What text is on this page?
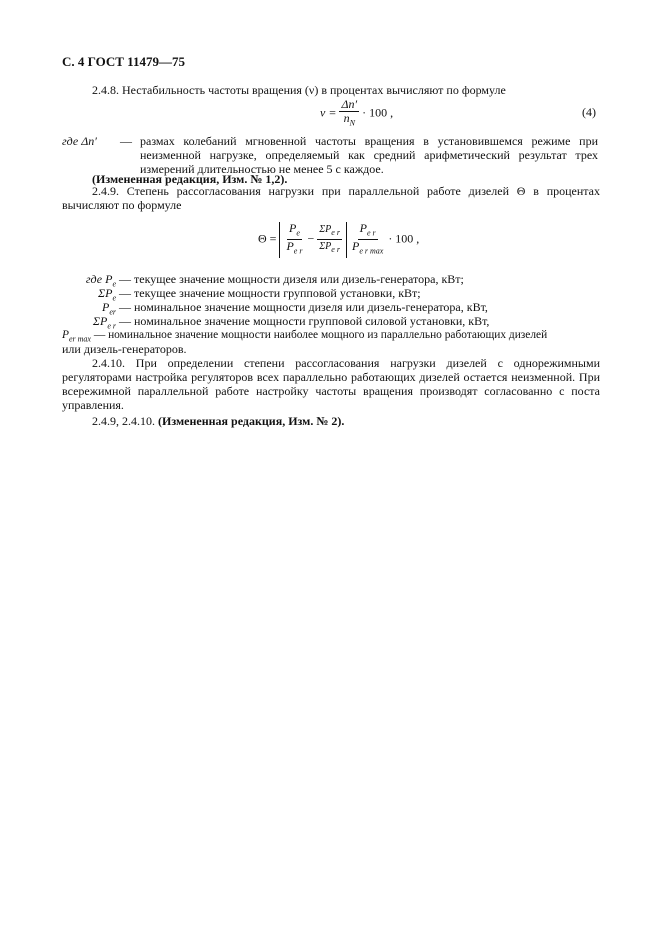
С. 4 ГОСТ 11479—75
2.4.8. Нестабильность частоты вращения (ν) в процентах вычисляют по формуле
$\nu = \frac{\Delta n'}{n_N} \cdot 100$ ,	(4)
где Δn′ — размах колебаний мгновенной частоты вращения в установившемся режиме при неизменной нагрузке, определяемый как средний арифметический результат трех измерений длительностью не менее 5 с каждое.
(Измененная редакция, Изм. № 1,2).
2.4.9. Степень рассогласования нагрузки при параллельной работе дизелей Θ в процентах вычисляют по формуле
$\Theta = \frac{P_e}{P_{e r}} - \frac{\Sigma P_{e r}}{\Sigma P_{e r}}$
$\frac{P_{e r}}{P_{e r max}} \cdot 100$ ,
где $P_e$ — текущее значение мощности дизеля или дизель-генератора, кВт;
$\Sigma P_e$ — текущее значение мощности групповой установки, кВт;
$P_{er}$ — номинальное значение мощности дизеля или дизель-генератора, кВт,
$\Sigma P_{e r}$ — номинальное значение мощности групповой силовой установки, кВт,
$P_{er max}$ — номинальное значение мощности наиболее мощного из параллельно работающих дизелей
или дизель-генераторов.
2.4.10. При определении степени рассогласования нагрузки дизелей с однорежимными регуляторами настройка регуляторов всех параллельно работающих дизелей остается неизменной. При всережимной параллельной работе настройку частоты вращения производят согласованно с поста управления.
2.4.9, 2.4.10. (Измененная редакция, Изм. № 2).
